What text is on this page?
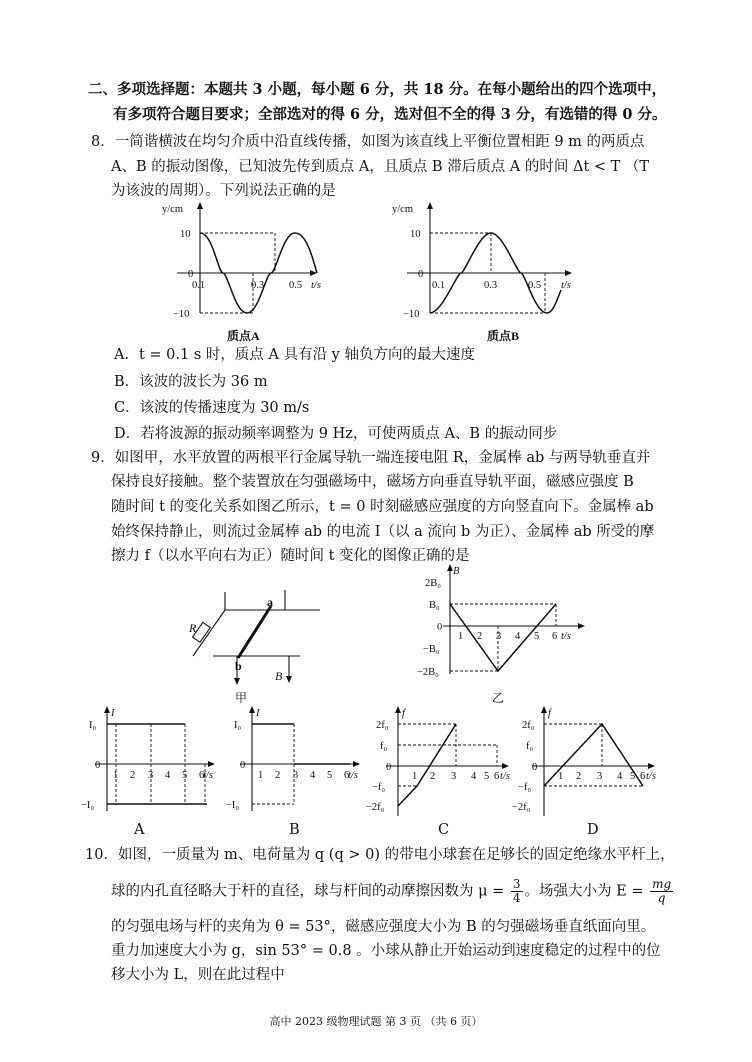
二、多项选择题：本题共 3 小题，每小题 6 分，共 18 分。在每小题给出的四个选项中，
有多项符合题目要求；全部选对的得 6 分，选对但不全的得 3 分，有选错的得 0 分。
8．一简谐横波在均匀介质中沿直线传播，如图为该直线上平衡位置相距 9 m 的两质点
A、B 的振动图像，已知波先传到质点 A，且质点 B 滞后质点 A 的时间 Δt < T （T
为该波的周期）。下列说法正确的是
y/cm
10
0
−10
0.1	0.3 0.5 t/s
质点A
y/cm
10
0
−10
0.1	0.3	0.5 t/s
质点B
A．t = 0.1 s 时，质点 A 具有沿 y 轴负方向的最大速度
B．该波的波长为 36 m
C．该波的传播速度为 30 m/s
D．若将波源的振动频率调整为 9 Hz，可使两质点 A、B 的振动同步
9．如图甲，水平放置的两根平行金属导轨一端连接电阻 R，金属棒 ab 与两导轨垂直并
保持良好接触。整个装置放在匀强磁场中，磁场方向垂直导轨平面，磁感应强度 B
随时间 t 的变化关系如图乙所示，t = 0 时刻磁感应强度的方向竖直向下。金属棒 ab
始终保持静止，则流过金属棒 ab 的电流 I（以 a 流向 b 为正）、金属棒 ab 所受的摩
擦力 f（以水平向右为正）随时间 t 变化的图像正确的是
R
a
b
B
甲
B
2B₀
B₀
0
−B₀
−2B₀
1 2 3 4 5 6 t/s
乙
I
I₀
0
−I₀
1 2 3 4 5 6
t/s
A
I
I₀
0
−I₀
1 2 3 4 5 6
t/s
B
f
2f₀
f₀
0
−f₀
−2f₀
1 2 3 4 5 6 t/s
C
f
2f₀
f₀
0
−f₀
−2f₀
1 2 3 4 5 6 t/s
D
10．如图，一质量为 m、电荷量为 q (q > 0) 的带电小球套在足够长的固定绝缘水平杆上，
球的内孔直径略大于杆的直径，球与杆间的动摩擦因数为 $\mu = \frac{3}{4}$ 。场强大小为 $E = \frac{mg}{q}$
的匀强电场与杆的夹角为 θ = 53°，磁感应强度大小为 B 的匀强磁场垂直纸面向里。
重力加速度大小为 g，sin 53° = 0.8 。小球从静止开始运动到速度稳定的过程中的位
移大小为 L，则在此过程中
高中 2023 级物理试题 第 3 页 （共 6 页）
